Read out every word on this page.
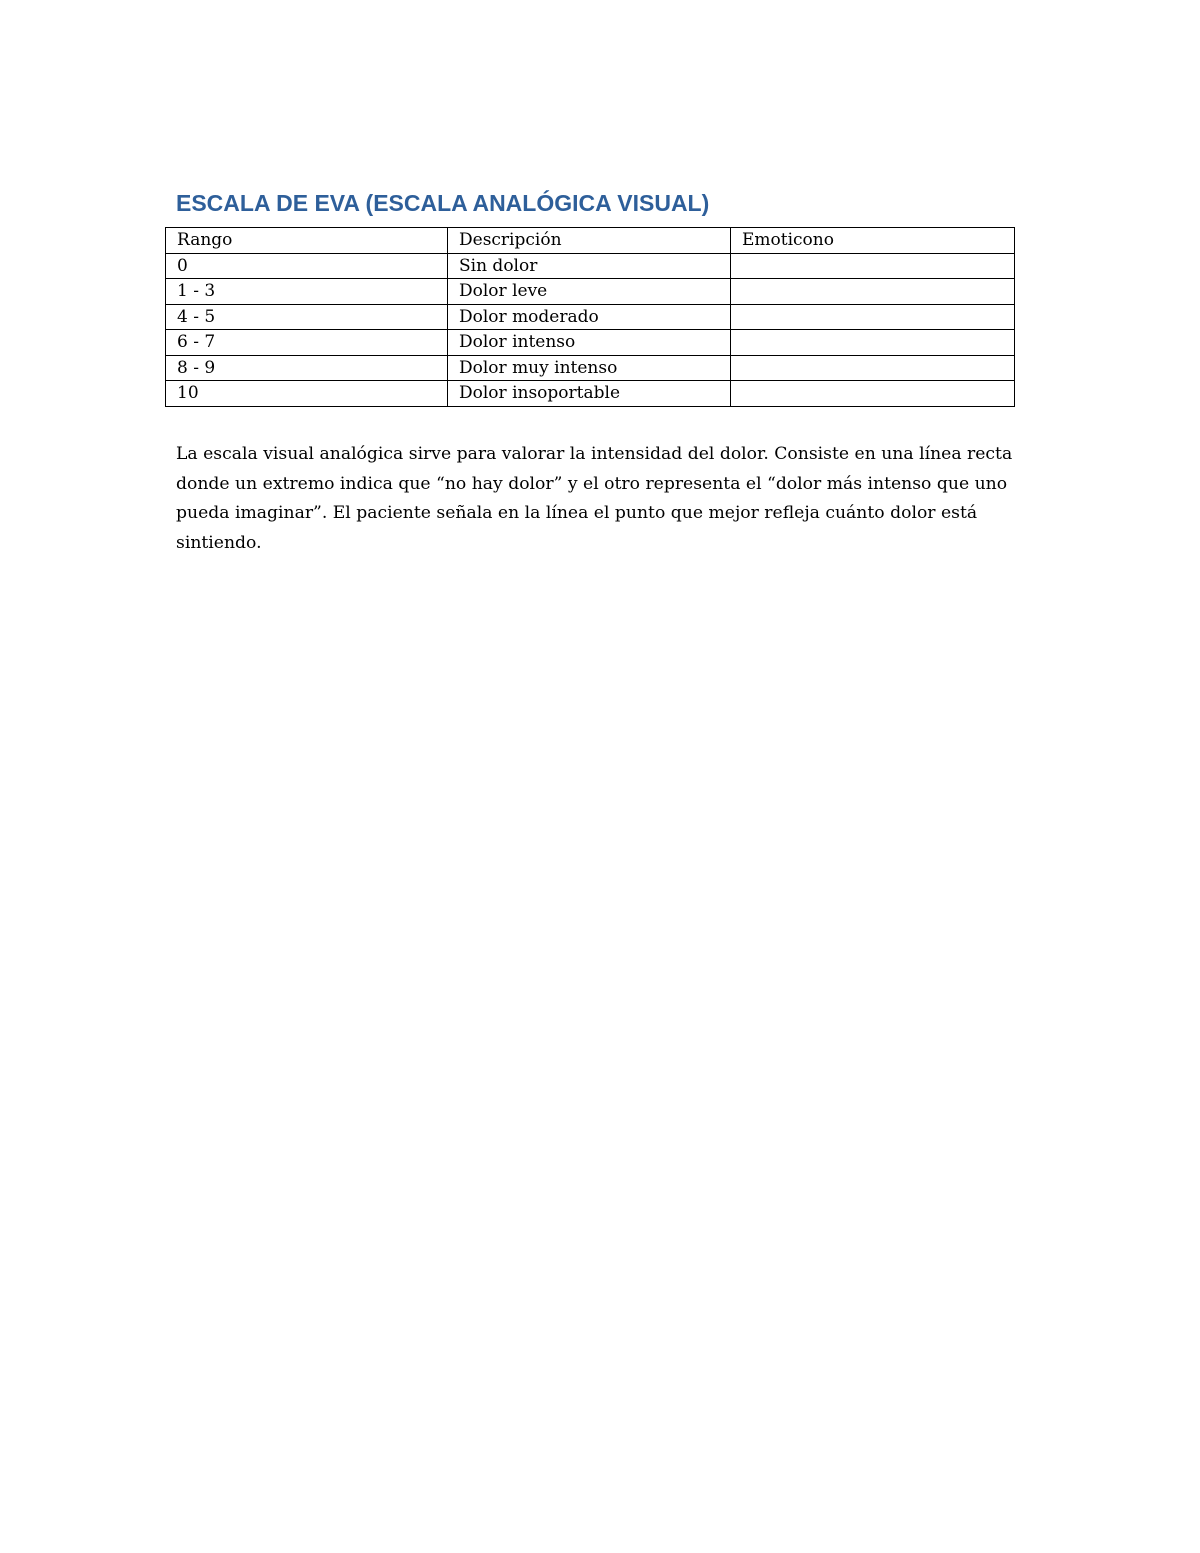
ESCALA DE EVA (ESCALA ANALÓGICA VISUAL)
Rango	Descripción	Emoticono
0	Sin dolor	
1 - 3	Dolor leve	
4 - 5	Dolor moderado	
6 - 7	Dolor intenso	
8 - 9	Dolor muy intenso	
10	Dolor insoportable	

La escala visual analógica sirve para valorar la intensidad del dolor. Consiste en una línea recta donde un extremo indica que “no hay dolor” y el otro representa el “dolor más intenso que uno pueda imaginar”. El paciente señala en la línea el punto que mejor refleja cuánto dolor está sintiendo.
